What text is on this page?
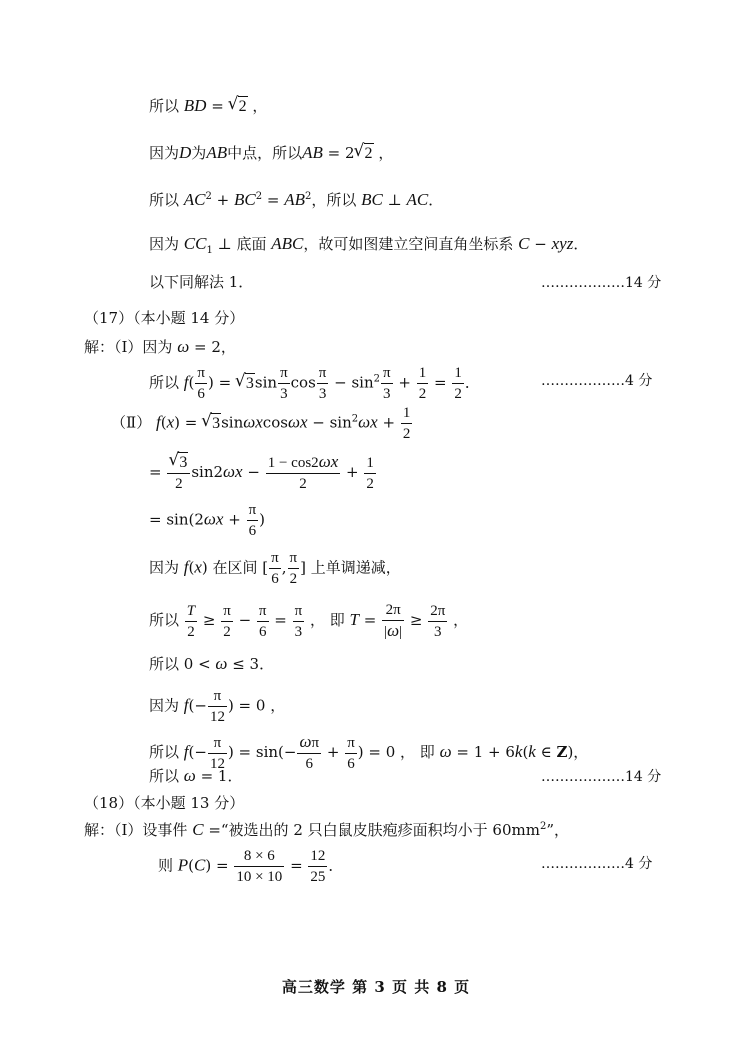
所以 BD = √ 2 ，
因为D为AB中点，所以AB = 2 √ 2 ，
所以 $AC^2 + BC^2 = AB^2$，所以 BC ⊥ AC．
因为 $CC_1$ ⊥ 底面 ABC，故可如图建立空间直角坐标系 C − xyz．
以下同解法 1．	………………14 分
（17）（本小题 14 分）
解：（Ⅰ）因为 ω = 2，
所以 $f( \frac{\pi}{6}$ ) = √ $3\sin \frac{\pi}{3}$ $\cos \frac{\pi}{3} - \sin^2 \frac{\pi}{3} + \frac{1}{2} = \frac{1}{2}$ ．	………………4 分
（Ⅱ） f(x) = √ $3\sin\omega xcos\omega x - \sin^2\omega x + \frac{1}{2}$
= √ $\frac{3}{2} \sin 2\omega x - \frac{1 - \cos 2\omega x}{2} + \frac{1}{2}$
= $\sin(2\omega x + \frac{\pi}{6}$ )
因为 f(x) 在区间 [ $\frac{\pi}{6}$ , $\frac{\pi}{2}$ ] 上单调递减，
所以 $\frac{T}{2} \ge \frac{\pi}{2} - \frac{\pi}{6} = \frac{\pi}{3}$ ， 即 $T = \frac{2\pi}{|\omega|} \ge \frac{2\pi}{3}$ ，
所以 0 < ω ≤ 3．
因为 $f(- \frac{\pi}{12}$ ) = 0 ，
所以 $f(- \frac{\pi}{12}$ ) = $\sin(- \frac{\omega\pi}{6} + \frac{\pi}{6}$ ) = 0 ， 即 ω = 1 + 6k(k ∈ Z)，
所以 ω = 1．	………………14 分
（18）（本小题 13 分）
解：（Ⅰ）设事件 C =“被选出的 2 只白鼠皮肤疱疹面积均小于 $60mm^2$”，
则 $P(C) = \frac{8 \times 6}{10 \times 10} = \frac{12}{25}$ ．	………………4 分
高三数学 第 3 页 共 8 页
